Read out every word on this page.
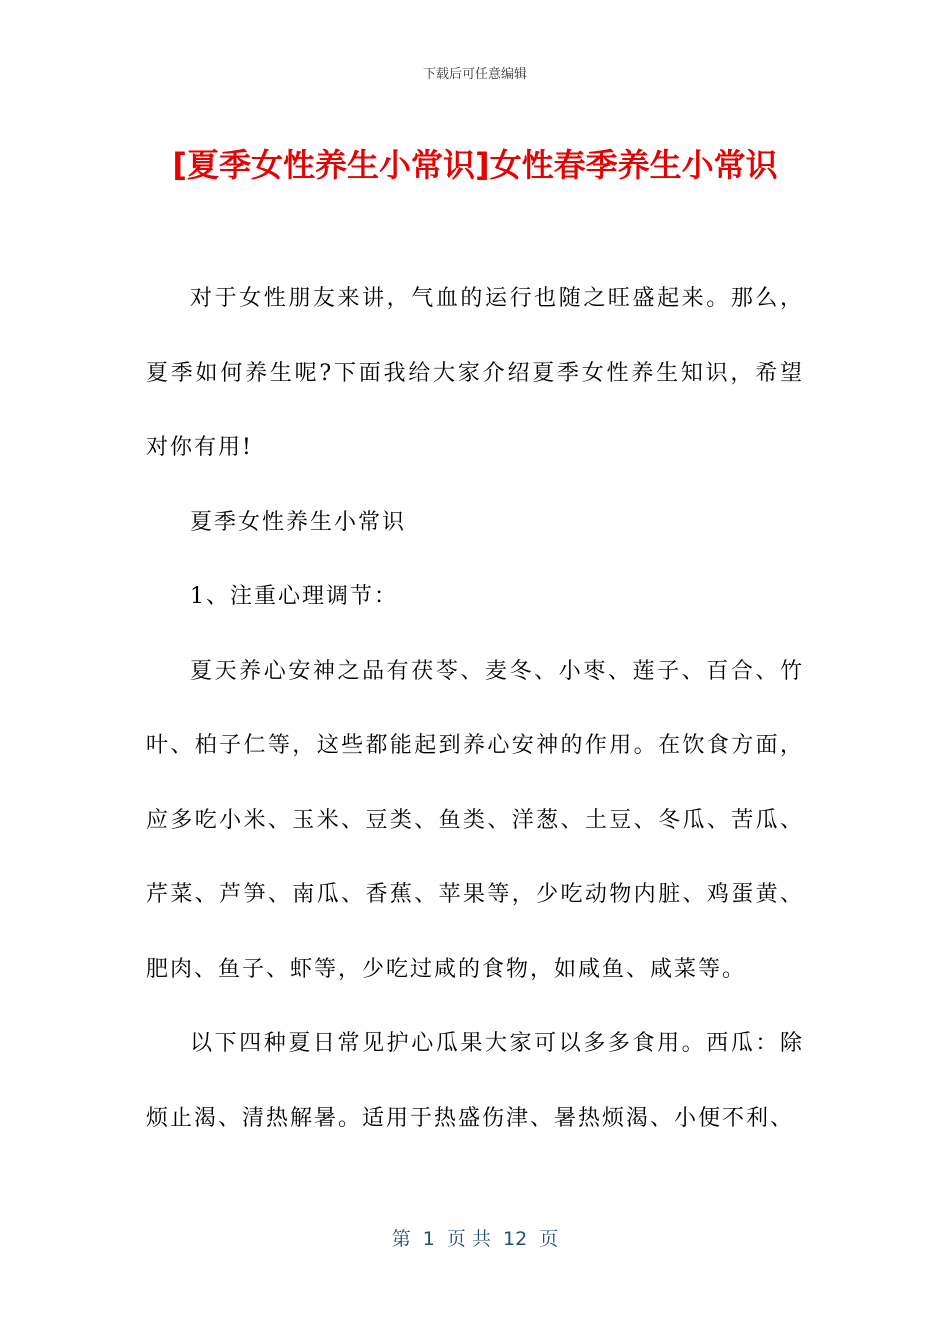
下载后可任意编辑
[夏季女性养生小常识]女性春季养生小常识

对于女性朋友来讲，气血的运行也随之旺盛起来。那么，夏季如何养生呢?下面我给大家介绍夏季女性养生知识，希望对你有用!

夏季女性养生小常识

1、注重心理调节：

夏天养心安神之品有茯苓、麦冬、小枣、莲子、百合、竹叶、柏子仁等，这些都能起到养心安神的作用。在饮食方面，应多吃小米、玉米、豆类、鱼类、洋葱、土豆、冬瓜、苦瓜、芹菜、芦笋、南瓜、香蕉、苹果等，少吃动物内脏、鸡蛋黄、肥肉、鱼子、虾等，少吃过咸的食物，如咸鱼、咸菜等。

以下四种夏日常见护心瓜果大家可以多多食用。西瓜：除烦止渴、清热解暑。适用于热盛伤津、暑热烦渴、小便不利、

第  1  页 共  12  页
